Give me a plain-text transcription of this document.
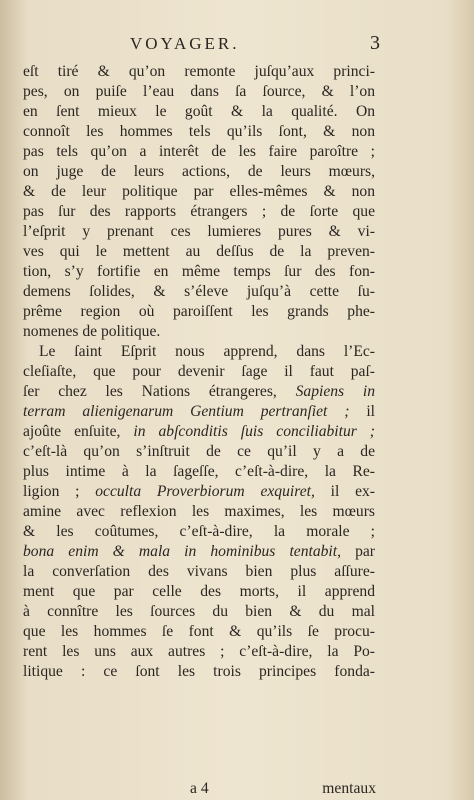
VOYAGER.	3
eſt tiré & qu’on remonte juſqu’aux princi-
pes, on puiſe l’eau dans ſa ſource, & l’on
en ſent mieux le goût & la qualité. On
connoît les hommes tels qu’ils ſont, & non
pas tels qu’on a interêt de les faire paroître ;
on juge de leurs actions, de leurs mœurs,
& de leur politique par elles-mêmes & non
pas ſur des rapports étrangers ; de ſorte que
l’eſprit y prenant ces lumieres pures & vi-
ves qui le mettent au deſſus de la preven-
tion, s’y fortifie en même temps ſur des fon-
demens ſolides, & s’éleve juſqu’à cette ſu-
prême region où paroiſſent les grands phe-
nomenes de politique.
Le ſaint Eſprit nous apprend, dans l’Ec-
cleſiaſte, que pour devenir ſage il faut paſ-
ſer chez les Nations étrangeres, Sapiens in
terram alienigenarum Gentium pertranſiet ; il
ajoûte enſuite, in abſconditis ſuis conciliabitur ;
c’eſt-là qu’on s’inſtruit de ce qu’il y a de
plus intime à la ſageſſe, c’eſt-à-dire, la Re-
ligion ; occulta Proverbiorum exquiret, il ex-
amine avec reflexion les maximes, les mœurs
& les coûtumes, c’eſt-à-dire, la morale ;
bona enim & mala in hominibus tentabit, par
la converſation des vivans bien plus aſſure-
ment que par celle des morts, il apprend
à connître les ſources du bien & du mal
que les hommes ſe font & qu’ils ſe procu-
rent les uns aux autres ; c’eſt-à-dire, la Po-
litique : ce ſont les trois principes fonda-
a 4	mentaux
